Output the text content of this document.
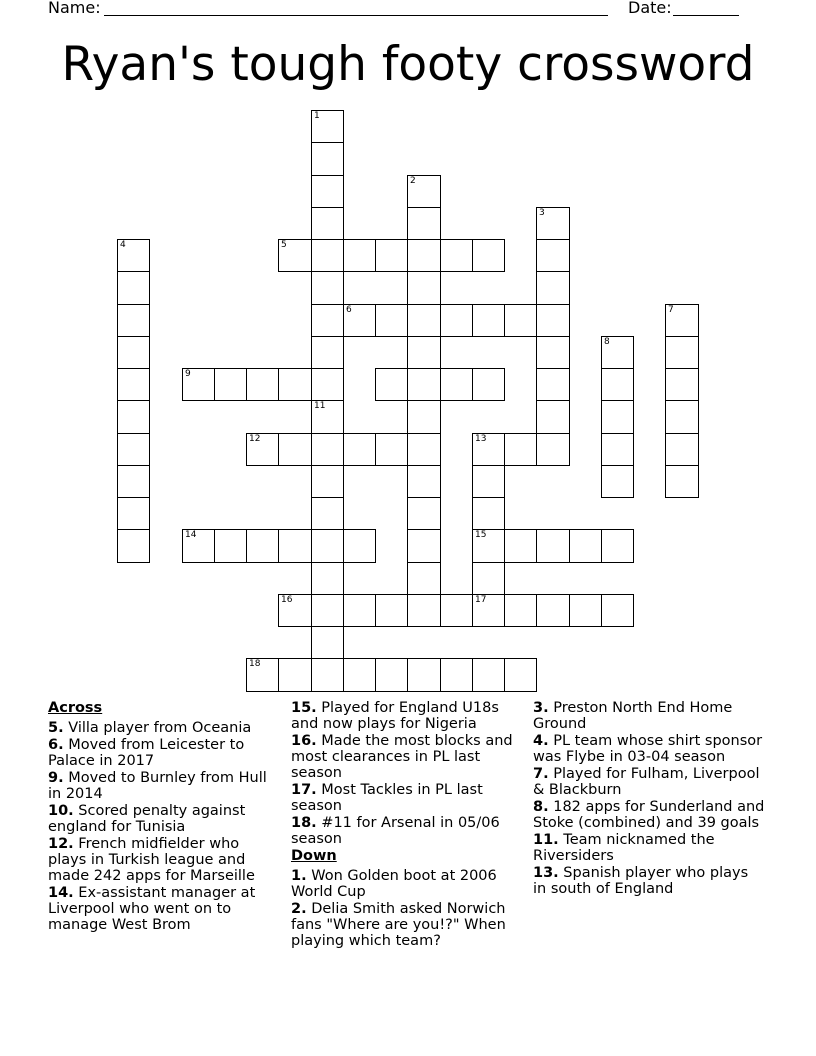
Name:	Date:
Ryan's tough footy crossword
1
11
2
3
4	5
6	7
8
9
12	13
15
17
14
16
18
Across
5. Villa player from Oceania
6. Moved from Leicester to Palace in 2017
9. Moved to Burnley from Hull in 2014
10. Scored penalty against england for Tunisia
12. French midfielder who plays in Turkish league and made 242 apps for Marseille
14. Ex-assistant manager at Liverpool who went on to manage West Brom
15. Played for England U18s and now plays for Nigeria
16. Made the most blocks and most clearances in PL last season
17. Most Tackles in PL last season
18. #11 for Arsenal in 05/06 season
Down
1. Won Golden boot at 2006 World Cup
2. Delia Smith asked Norwich fans "Where are you!?" When playing which team?
3. Preston North End Home Ground
4. PL team whose shirt sponsor was Flybe in 03-04 season
7. Played for Fulham, Liverpool & Blackburn
8. 182 apps for Sunderland and Stoke (combined) and 39 goals
11. Team nicknamed the Riversiders
13. Spanish player who plays in south of England
